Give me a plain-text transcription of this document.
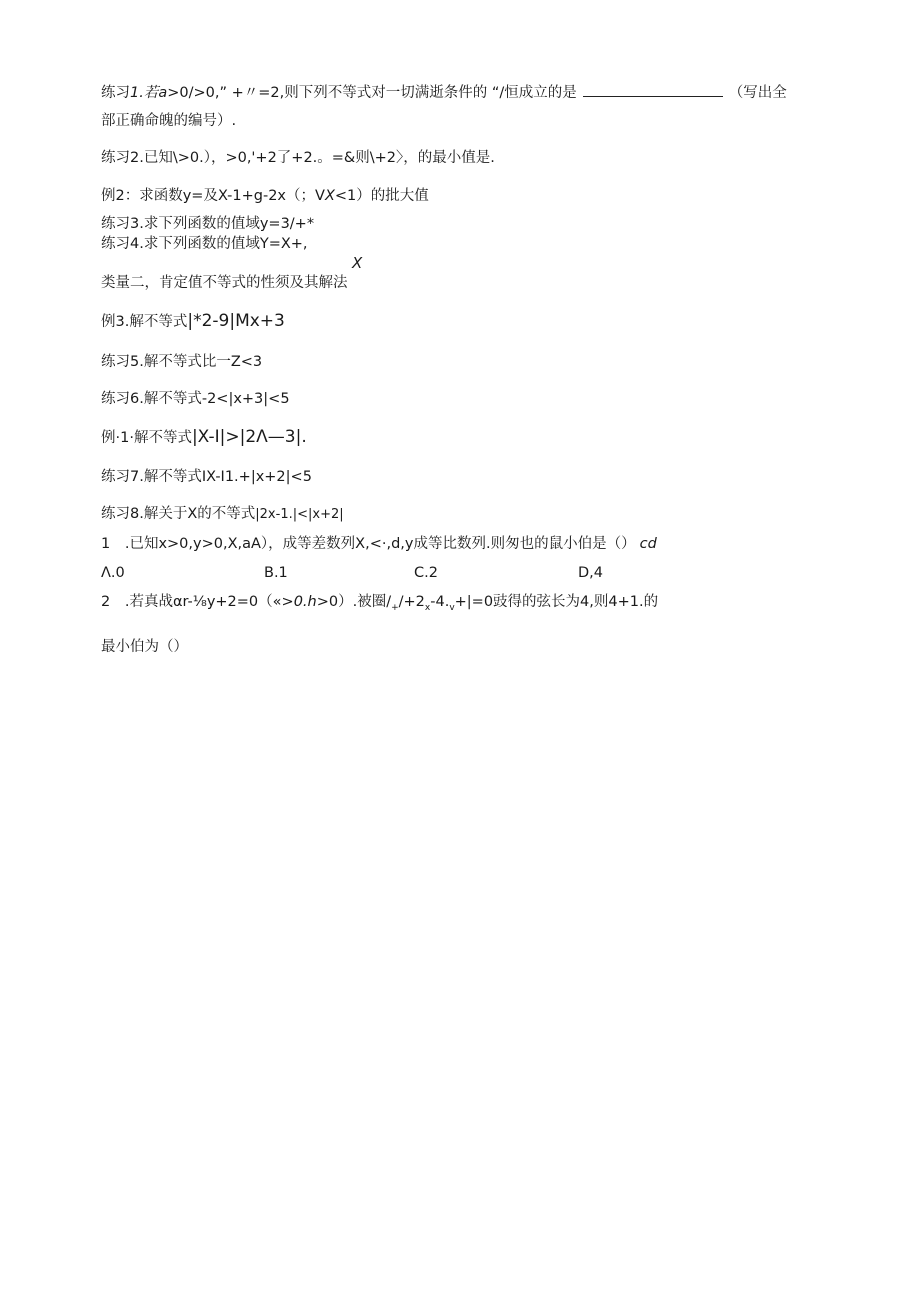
练习1.若a>0/>0,” +〃=2,则下列不等式对一切满逝条件的 “/恒成立的是	（写出全
部正确命魄的编号）.
练习2.已知\>0.），>0,'+2了+2.。=&则\+2〉，的最小值是.
例2：求函数y=及X-1+g-2x（；VX<1）的批大值
练习3.求下列函数的值域y=3/+*
练习4.求下列函数的值域Y=X+,
X
类量二，肯定值不等式的性须及其解法
例3.解不等式|*2-9|Mx+3
练习5.解不等式比一Z<3
练习6.解不等式-2<|x+3|<5
例·1·解不等式|X-I|>|2Λ—3|.
练习7.解不等式IX-I1.+|x+2|<5
练习8.解关于X的不等式|2x-1.|<|x+2|
1 .已知x>0,y>0,X,aA），成等差数列X,<·,d,y成等比数列.则匆也的鼠小伯是（） cd
Λ.0	B.1	C.2	D,4
2 .若真战αr-⅛y+2=0（«>0.h>0）.被圈$/_+/+2_x-4._v+|=0$豉得的弦长为4,则4+1.的
最小伯为（）
